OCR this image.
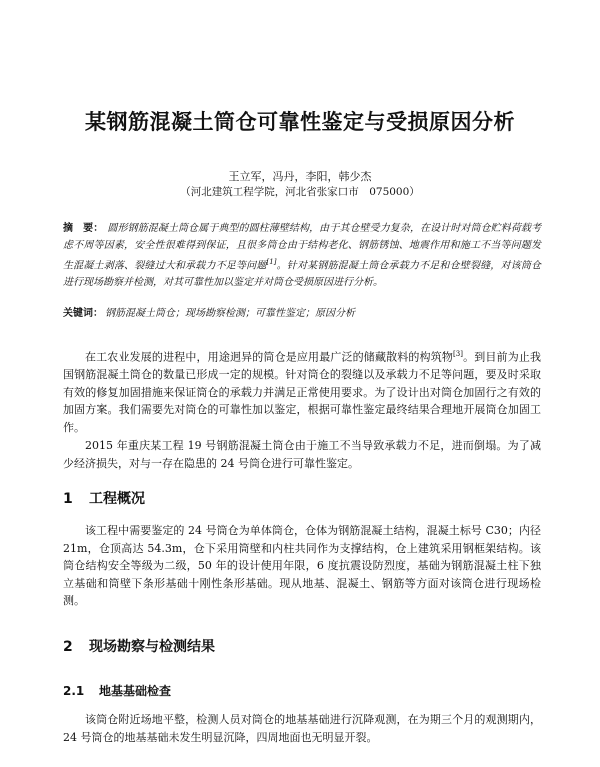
某钢筋混凝土筒仓可靠性鉴定与受损原因分析
王立军，冯丹，李阳，韩少杰
（河北建筑工程学院，河北省张家口市　075000）
摘　要： 圆形钢筋混凝土筒仓属于典型的圆柱薄壁结构，由于其仓壁受力复杂，在设计时对筒仓贮料荷载考虑不周等因素，安全性很难得到保证，且很多筒仓由于结构老化、钢筋锈蚀、地震作用和施工不当等问题发生混凝土剥落、裂缝过大和承载力不足等问题[1]。针对某钢筋混凝土筒仓承载力不足和仓壁裂缝，对该筒仓进行现场勘察并检测，对其可靠性加以鉴定并对筒仓受损原因进行分析。
关键词： 钢筋混凝土筒仓；现场勘察检测；可靠性鉴定；原因分析
在工农业发展的进程中，用途迥异的筒仓是应用最广泛的储藏散料的构筑物[3]。到目前为止我国钢筋混凝土筒仓的数量已形成一定的规模。针对筒仓的裂缝以及承载力不足等问题，要及时采取有效的修复加固措施来保证筒仓的承载力并满足正常使用要求。为了设计出对筒仓加固行之有效的加固方案。我们需要先对筒仓的可靠性加以鉴定，根据可靠性鉴定最终结果合理地开展筒仓加固工作。
2015 年重庆某工程 19 号钢筋混凝土筒仓由于施工不当导致承载力不足，进而倒塌。为了减少经济损失，对与一存在隐患的 24 号筒仓进行可靠性鉴定。
1 工程概况
该工程中需要鉴定的 24 号筒仓为单体筒仓，仓体为钢筋混凝土结构，混凝土标号 C30；内径 21m，仓顶高达 54.3m，仓下采用筒壁和内柱共同作为支撑结构，仓上建筑采用钢框架结构。该筒仓结构安全等级为二级，50 年的设计使用年限，6 度抗震设防烈度，基础为钢筋混凝土柱下独立基础和筒壁下条形基础十刚性条形基础。现从地基、混凝土、钢筋等方面对该筒仓进行现场检测。
2 现场勘察与检测结果
2.1 地基基础检查
该筒仓附近场地平整，检测人员对筒仓的地基基础进行沉降观测，在为期三个月的观测期内，24 号筒仓的地基基础未发生明显沉降，四周地面也无明显开裂。
